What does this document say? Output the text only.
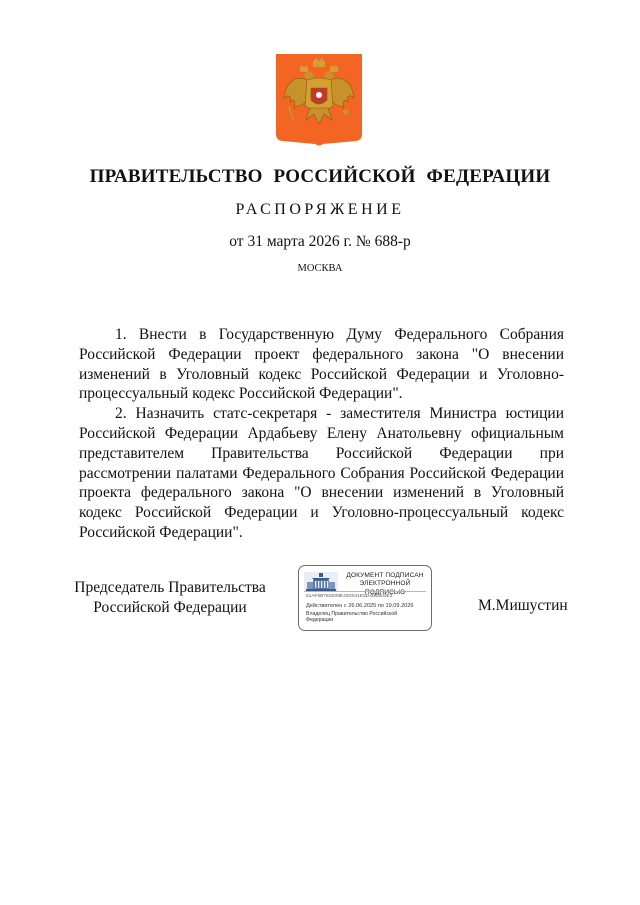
ПРАВИТЕЛЬСТВО РОССИЙСКОЙ ФЕДЕРАЦИИ
РАСПОРЯЖЕНИЕ
от 31 марта 2026 г. № 688-р
МОСКВА

1. Внести в Государственную Думу Федерального Собрания Российской Федерации проект федерального закона "О внесении изменений в Уголовный кодекс Российской Федерации и Уголовно-процессуальный кодекс Российской Федерации".

2. Назначить статс-секретаря - заместителя Министра юстиции Российской Федерации Ардабьеву Елену Анатольевну официальным представителем Правительства Российской Федерации при рассмотрении палатами Федерального Собрания Российской Федерации проекта федерального закона "О внесении изменений в Уголовный кодекс Российской Федерации и Уголовно-процессуальный кодекс Российской Федерации".

Председатель Правительства
Российской Федерации
ДОКУМЕНТ ПОДПИСАН
ЭЛЕКТРОННОЙ ПОДПИСЬЮ
51AF6B781E09E42D041E5D4DE303E3
Действителен с 26.06.2025 по 19.09.2026
Владелец Правительство Российской Федерации
М.Мишустин
